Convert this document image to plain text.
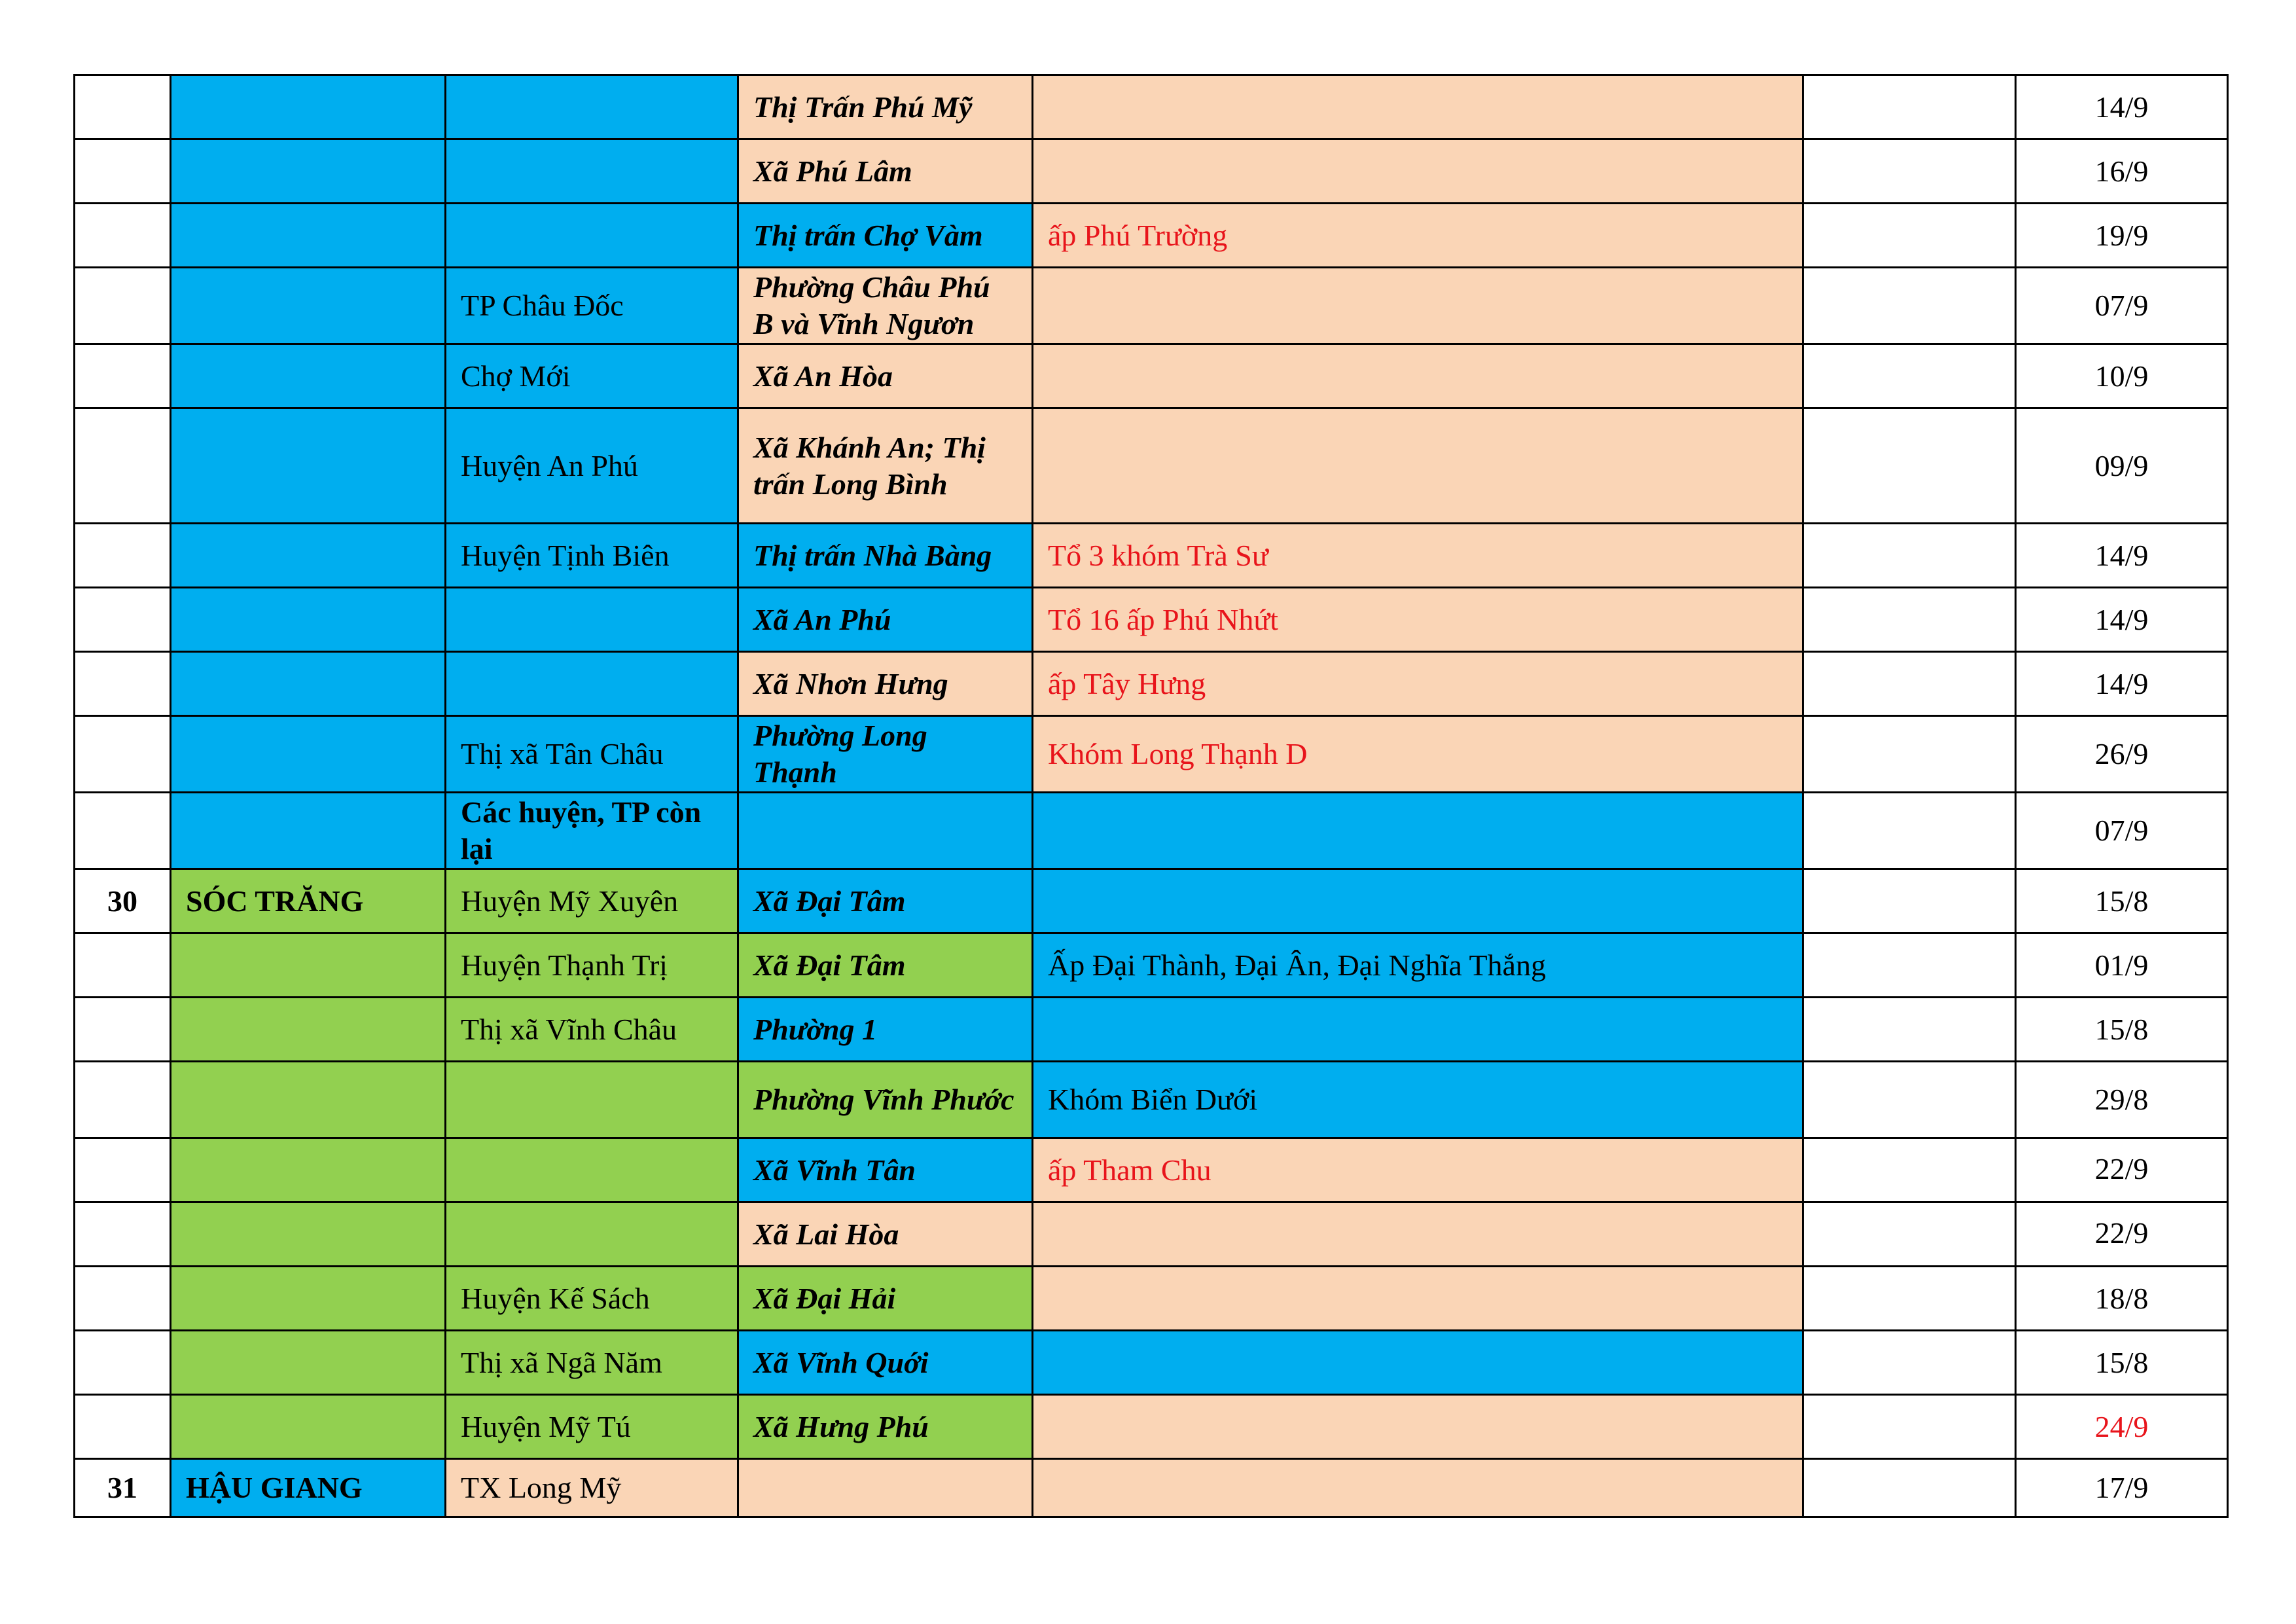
			Thị Trấn Phú Mỹ			14/9
			Xã Phú Lâm			16/9
			Thị trấn Chợ Vàm	ấp Phú Trường		19/9
		TP Châu Đốc	Phường Châu Phú B và Vĩnh Ngươn			07/9
		Chợ Mới	Xã An Hòa			10/9
		Huyện An Phú	Xã Khánh An; Thị trấn Long Bình			09/9
		Huyện Tịnh Biên	Thị trấn Nhà Bàng	Tổ 3 khóm Trà Sư		14/9
			Xã An Phú	Tổ 16 ấp Phú Nhứt		14/9
			Xã Nhơn Hưng	ấp Tây Hưng		14/9
		Thị xã Tân Châu	Phường Long Thạnh	Khóm Long Thạnh D		26/9
		Các huyện, TP còn lại				07/9
30	SÓC TRĂNG	Huyện Mỹ Xuyên	Xã Đại Tâm			15/8
		Huyện Thạnh Trị	Xã Đại Tâm	Ấp Đại Thành, Đại Ân, Đại Nghĩa Thắng		01/9
		Thị xã Vĩnh Châu	Phường 1			15/8
			Phường Vĩnh Phước	Khóm Biển Dưới		29/8
			Xã Vĩnh Tân	ấp Tham Chu		22/9
			Xã Lai Hòa			22/9
		Huyện Kế Sách	Xã Đại Hải			18/8
		Thị xã Ngã Năm	Xã Vĩnh Quới			15/8
		Huyện Mỹ Tú	Xã Hưng Phú			24/9
31	HẬU GIANG	TX Long Mỹ				17/9
